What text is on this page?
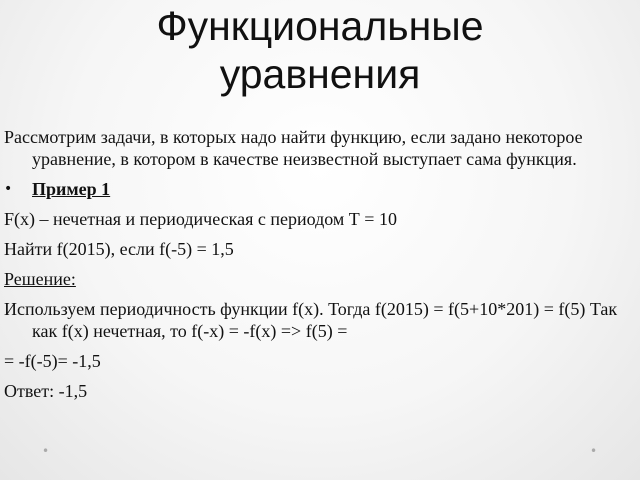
Функциональные
уравнения

Рассмотрим задачи, в которых надо найти функцию, если задано некоторое уравнение, в котором в качестве неизвестной выступает сама функция.

• Пример 1

F(x) – нечетная и периодическая с периодом Т = 10

Найти f(2015), если f(-5) = 1,5

Решение:

Используем периодичность функции f(x). Тогда f(2015) = f(5+10*201) = f(5) Так как f(x) нечетная, то f(-x) = -f(x) => f(5) =

= -f(-5)= -1,5

Ответ: -1,5

•	•
